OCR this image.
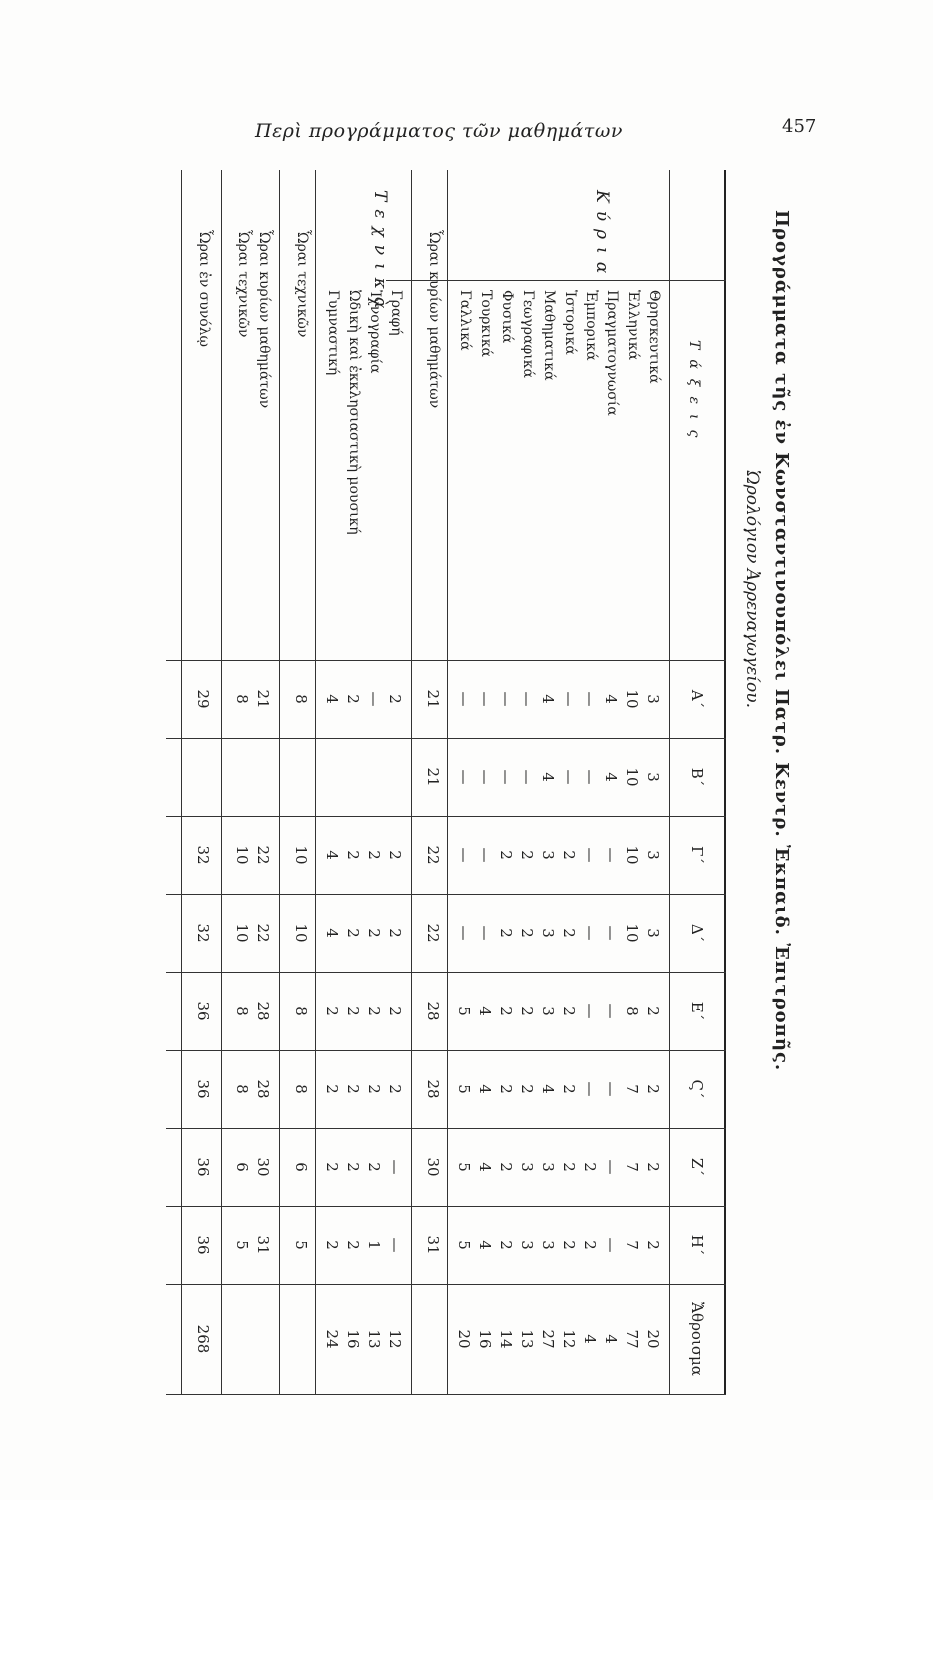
Περὶ προγράμματος τῶν μαθημάτων	457
Προγράμματα τῆς ἐν Κωνσταντινουπόλει Πατρ. Κεντρ. Ἐκπαιδ. Ἐπιτροπῆς.
Ὡρολόγιον Ἀρρεναγωγείου.
Τάξεις
Κύρια
Τεχνικὰ
Α΄
Β΄
Γ΄
Δ΄
Ε΄
Ϛ΄
Ζ΄
Η΄
Ἄθροισμα
Θρησκευτικά
3
3
3
3
2
2
2
2
20
Ἑλληνικά
10
10
10
10
8
7
7
7
77
Πραγματογνωσία
4
4
—
—
—
—
—
—
4
Ἐμπορικά
—
—
—
—
—
—
2
2
4
Ἱστορικά
—
—
2
2
2
2
2
2
12
Μαθηματικά
4
4
3
3
3
4
3
3
27
Γεωγραφικά
—
—
2
2
2
2
3
3
13
Φυσικά
—
—
2
2
2
2
2
2
14
Τουρκικά
—
—
—
—
4
4
4
4
16
Γαλλικά
—
—
—
—
5
5
5
5
20
Ὧραι κυρίων μαθημάτων
21
21
22
22
28
28
30
31
Γραφή
2
2
2
2
2
—
—
12
Ἰχνογραφία
—
2
2
2
2
2
1
13
Ὠδικὴ καὶ ἐκκλησιαστικὴ μουσική
2
2
2
2
2
2
2
16
Γυμναστική
4
4
4
2
2
2
2
24
Ὧραι τεχνικῶν
8
10
10
8
8
6
5
Ὧραι κυρίων μαθημάτων
21
22
22
28
28
30
31
Ὧραι τεχνικῶν
8
10
10
8
8
6
5
Ὧραι ἐν συνόλῳ
29
32
32
36
36
36
36
268
